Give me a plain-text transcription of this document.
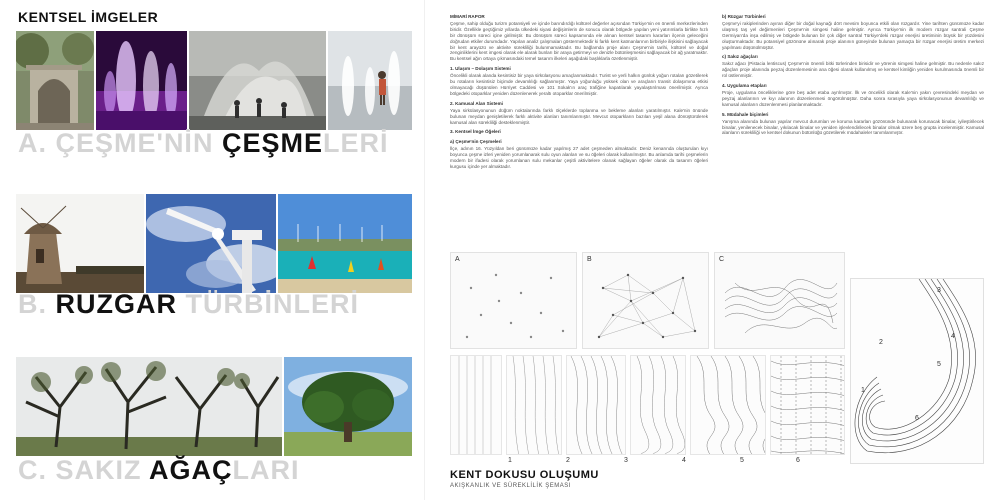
KENTSEL İMGELER
A. ÇEŞME'NİN ÇEŞMELERİ
B. RUZGAR TÜRBİNLERİ
C. SAKIZ AĞAÇLARI
MİMARİ RAPOR

Çeşme, sahip olduğu turizm potansiyeli ve içinde barındırdığı kültürel değerler açısından Türkiye'nin en önemli merkezlerinden biridir. Özellikle geçtiğimiz yıllarda ülkedeki siyasi değişimlerin de sonucu olarak bölgede yapılan yeni yatırımlarla birlikte hızlı bir dönüşüm süreci içine girilmiştir. Bu dönüşüm süreci kapsamında ele alınan kentsel tasarım kararları ilçenin geleceğini doğrudan etkiler durumdadır. Yapılan analiz çalışmaları göstermektedir ki farklı kent katmanlarının birbiriyle ilişkisini sağlayacak bir kent arayüzü ve aktivite sürekliliği bulunmamaktadır. Bu bağlamda proje alanı Çeşme'nin tarihi, kültürel ve doğal zenginliklerini kent imgesi olarak ele alarak bunları bir araya getirmeyi ve denizle bütünleşmesini sağlayacak bir ağ yaratmaktır. Bu kentsel ağın ortaya çıkmasındaki temel tasarım ilkeleri aşağıdaki başlıklarla özetlenmiştir.

1. Ulaşım – Dolaşım Sistemi

Öncelikli olarak alanda kesintisiz bir yaya sirkülasyonu amaçlanmaktadır. Turist ve yerli halkın günlük yoğun rotaları gözetilerek bu rotaların kesintisiz biçimde devamlılığı sağlanmıştır. Yaya yoğunluğu yüksek olan ve araçların transit dolaşımına etkisi olmayacağı düşünülen Hürriyet Caddesi ve 101 Sokak'ın araç trafiğine kapatılarak yayalaştırılması önerilmiştir. Ayrıca bölgedeki otoparklar yeniden düzenlenerek yeraltı otoparklar önerilmiştir.

2. Kamusal Alan Sistemi

Yaya sirkülasyonunun düğüm noktalarında farklı ölçeklerde toplanma ve bekleme alanları yaratılmıştır. Kale'nin önünde bulunan meydan genişletilerek farklı aktivite alanları tanımlanmıştır. Mevcut otoparkların bazıları yeşil alana dönüştürülerek kamusal alan sürekliliği desteklenmiştir.

3. Kentsel İmge Öğeleri
a) Çeşme'nin Çeşmeleri

İlçe, adının 16. Yüzyıldan beri günümüze kadar yapılmış 27 adet çeşmeden almaktadır. Deniz kenarında oluşturulan kıyı boyunca çeşme izleri yeniden yorumlanarak sulu oyun alanları ve su öğeleri olarak kullanılmıştır. Bu anlamda tarihi çeşmelerin modern bir ifadesi olarak yorumlanan sulu mekanlar çeşitli aktivitelere olanak sağlayan öğeler olarak da tasarım öğeleri kurgusu içinde yer almaktadır.

b) Rüzgar Türbinleri

Çeşme'yi rakiplerinden ayıran diğer bir doğal kaynağı dört mevsim boyunca etkili olan rüzgardır. Yine tarihten günümüze kadar ulaşmış taş yel değirmenleri Çeşme'nin simgesi haline gelmiştir. Ayrıca Türkiye'nin ilk modern rüzgar santrali Çeşme Germiyan'da inşa edilmiş ve bölgede bulunan bir çok diğer santral Türkiye'deki rüzgar enerjisi üretiminin büyük bir yüzdesini oluşturmaktadır. Bu potansiyel gözönüne alınarak proje alanının güneyinde bulunan yamaçta bir rüzgar enerjisi üretim merkezi yapılması düşünülmüştür.

c) Sakız ağaçları

Sakız ağacı (Pistacia lentiscus) Çeşme'nin önemli bitki türlerinden birisidir ve yörenin simgesi haline gelmiştir. Bu nedenle sakız ağaçları proje alanında peyzaj düzenlemesinin ana öğesi olarak kullanılmış ve kentsel kimliğin yeniden kurulmasında önemli bir rol üstlenmiştir.

4. Uygulama etapları

Proje, uygulama önceliklerine göre beş adet etaba ayrılmıştır. İlk ve öncelikli olarak Kale'nin yakın çevresindeki meydan ve peyzaj alanlarının ve kıyı alanının düzenlenmesi öngörülmüştür. Daha sonra sırasıyla yaya sirkülasyonunun devamlılığı ve kamusal alanların düzenlenmesi planlanmaktadır.

5. Müdahale biçimleri

Yarışma alanında bulunan yapılar mevcut durumları ve koruma kararları gözönünde bulunarak korunacak binalar, iyileştirilecek binalar, yenilenecek binalar, yıkılacak binalar ve yeniden işlevlendirilecek binalar olmak üzere beş grupta incelenmiştir. Kamusal alanların sürekliliği ve kentsel dokunun bütünlüğü gözetilerek müdahaleler tanımlanmıştır.

A	B	C
1	2	3	4	5	6
3
4
5
2
1
6
KENT DOKUSU OLUŞUMU
AKIŞKANLIK VE SÜREKLİLİK ŞEMASI
